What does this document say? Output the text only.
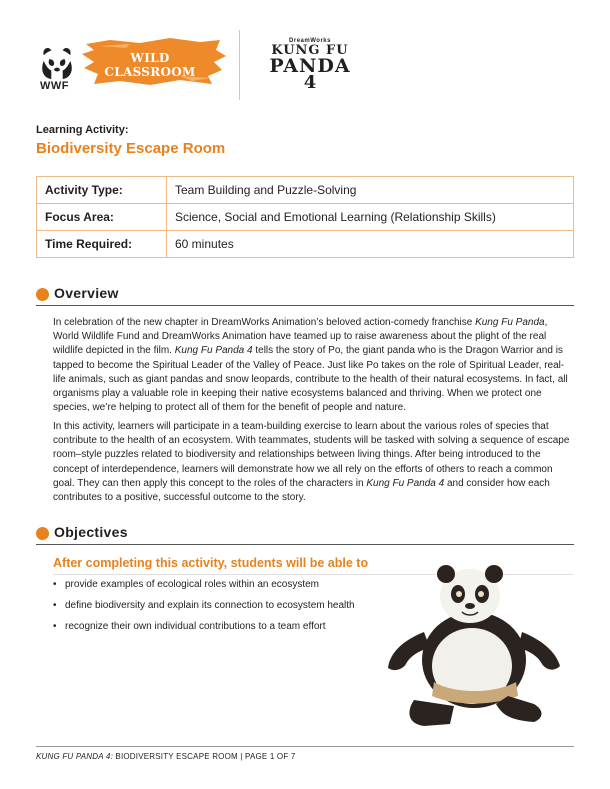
WWF
WILD CLASSROOM
DreamWorks
KUNG FU
PANDA
4
Learning Activity:
Biodiversity Escape Room
Activity Type:	Team Building and Puzzle-Solving
Focus Area:	Science, Social and Emotional Learning (Relationship Skills)
Time Required:	60 minutes
Overview

In celebration of the new chapter in DreamWorks Animation’s beloved action-comedy franchise Kung Fu Panda, World Wildlife Fund and DreamWorks Animation have teamed up to raise awareness about the plight of the real wildlife depicted in the film. Kung Fu Panda 4 tells the story of Po, the giant panda who is the Dragon Warrior and is tapped to become the Spiritual Leader of the Valley of Peace. Just like Po takes on the role of Spiritual Leader, real-life animals, such as giant pandas and snow leopards, contribute to the health of their natural ecosystems. In fact, all organisms play a valuable role in keeping their native ecosystems balanced and thriving. When we protect one species, we’re helping to protect all of them for the benefit of people and nature.

In this activity, learners will participate in a team-building exercise to learn about the various roles of species that contribute to the health of an ecosystem. With teammates, students will be tasked with solving a sequence of escape room–style puzzles related to biodiversity and relationships between living things. After being introduced to the concept of interdependence, learners will demonstrate how we all rely on the efforts of others to reach a common goal. They can then apply this concept to the roles of the characters in Kung Fu Panda 4 and consider how each contributes to a positive, successful outcome to the story.

Objectives
After completing this activity, students will be able to
• provide examples of ecological roles within an ecosystem
• define biodiversity and explain its connection to ecosystem health
• recognize their own individual contributions to a team effort
KUNG FU PANDA 4: BIODIVERSITY ESCAPE ROOM | PAGE 1 OF 7
